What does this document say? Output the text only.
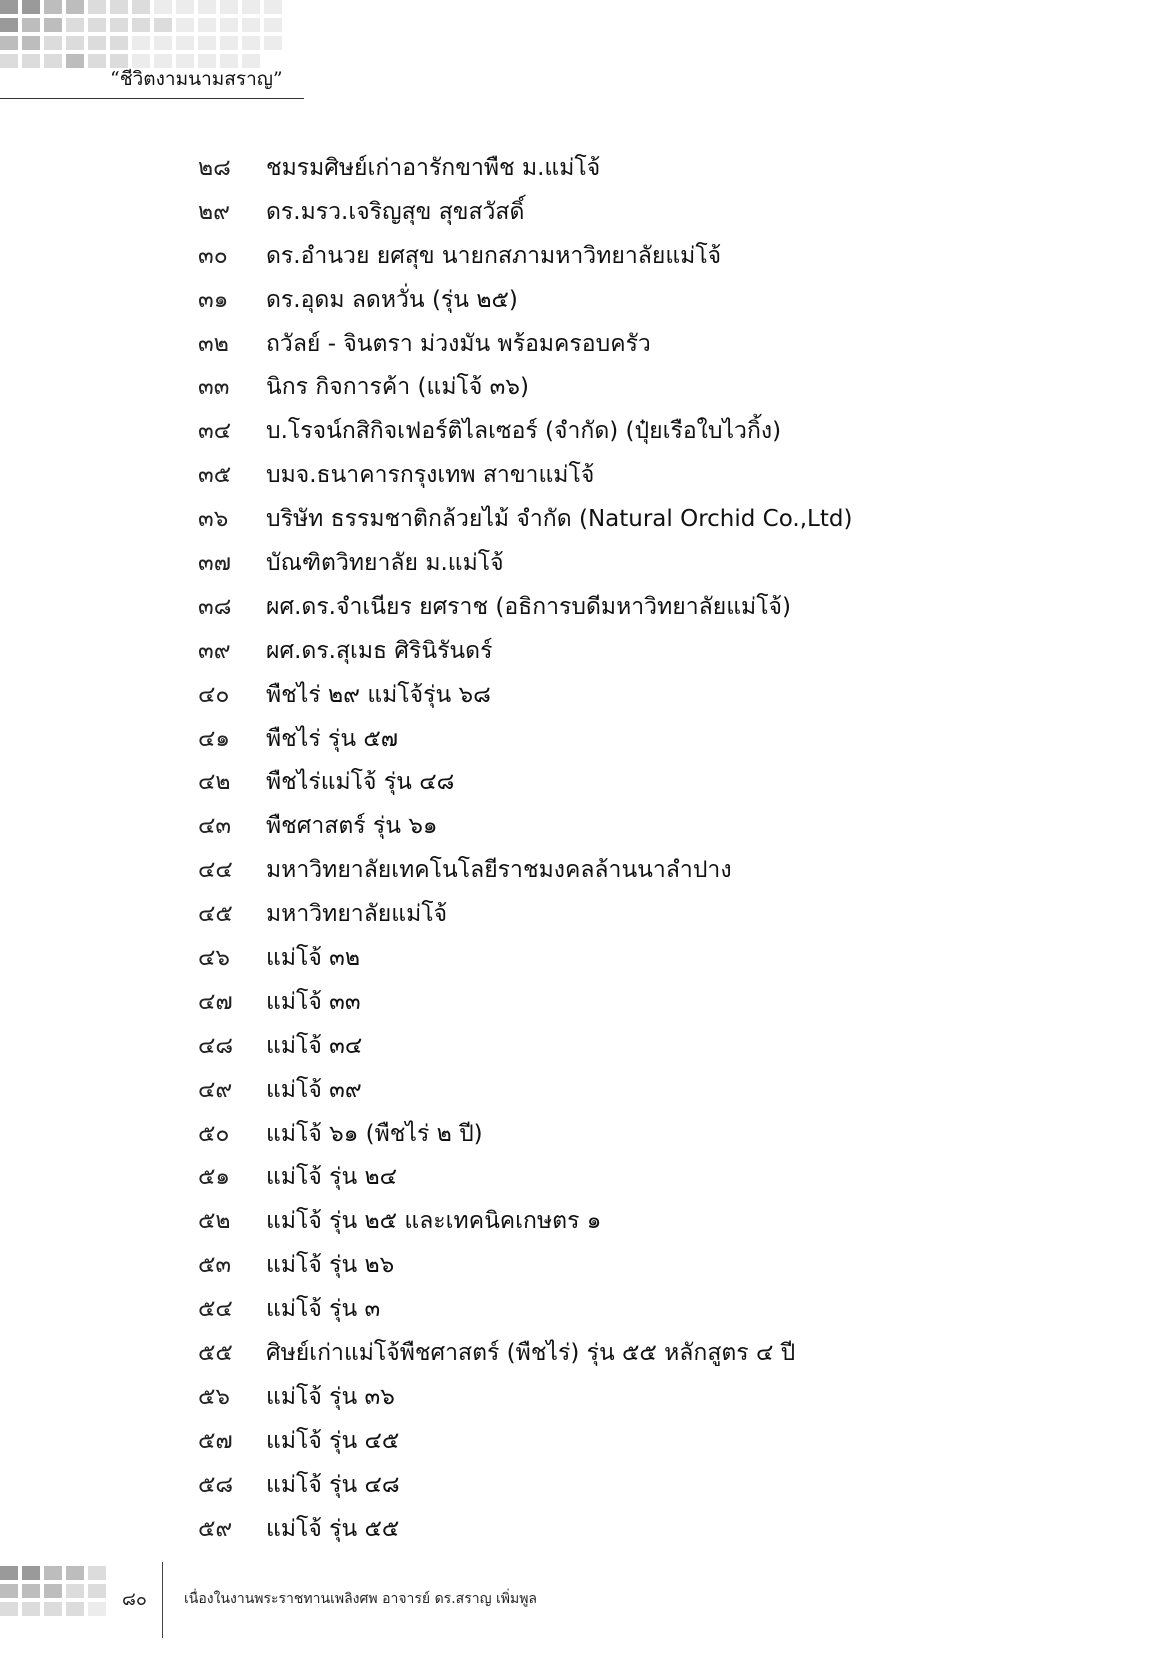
“ชีวิตงามนามสราญ”
๒๘	ชมรมศิษย์เก่าอารักขาพืช ม.แม่โจ้
๒๙	ดร.มรว.เจริญสุข สุขสวัสดิ์
๓๐	ดร.อำนวย ยศสุข นายกสภามหาวิทยาลัยแม่โจ้
๓๑	ดร.อุดม ลดหวั่น (รุ่น ๒๕)
๓๒	ถวัลย์ - จินตรา ม่วงมัน พร้อมครอบครัว
๓๓	นิกร กิจการค้า (แม่โจ้ ๓๖)
๓๔	บ.โรจน์กสิกิจเฟอร์ติไลเซอร์ (จำกัด) (ปุ๋ยเรือใบไวกิ้ง)
๓๕	บมจ.ธนาคารกรุงเทพ สาขาแม่โจ้
๓๖	บริษัท ธรรมชาติกล้วยไม้ จำกัด (Natural Orchid Co.,Ltd)
๓๗	บัณฑิตวิทยาลัย ม.แม่โจ้
๓๘	ผศ.ดร.จำเนียร ยศราช (อธิการบดีมหาวิทยาลัยแม่โจ้)
๓๙	ผศ.ดร.สุเมธ ศิรินิรันดร์
๔๐	พืชไร่ ๒๙ แม่โจ้รุ่น ๖๘
๔๑	พืชไร่ รุ่น ๕๗
๔๒	พืชไร่แม่โจ้ รุ่น ๔๘
๔๓	พืชศาสตร์ รุ่น ๖๑
๔๔	มหาวิทยาลัยเทคโนโลยีราชมงคลล้านนาลำปาง
๔๕	มหาวิทยาลัยแม่โจ้
๔๖	แม่โจ้ ๓๒
๔๗	แม่โจ้ ๓๓
๔๘	แม่โจ้ ๓๔
๔๙	แม่โจ้ ๓๙
๕๐	แม่โจ้ ๖๑ (พืชไร่ ๒ ปี)
๕๑	แม่โจ้ รุ่น ๒๔
๕๒	แม่โจ้ รุ่น ๒๕ และเทคนิคเกษตร ๑
๕๓	แม่โจ้ รุ่น ๒๖
๕๔	แม่โจ้ รุ่น ๓
๕๕	ศิษย์เก่าแม่โจ้พืชศาสตร์ (พืชไร่) รุ่น ๕๕ หลักสูตร ๔ ปี
๕๖	แม่โจ้ รุ่น ๓๖
๕๗	แม่โจ้ รุ่น ๔๕
๕๘	แม่โจ้ รุ่น ๔๘
๕๙	แม่โจ้ รุ่น ๕๕
๘๐	เนื่องในงานพระราชทานเพลิงศพ อาจารย์ ดร.สราญ เพิ่มพูล
